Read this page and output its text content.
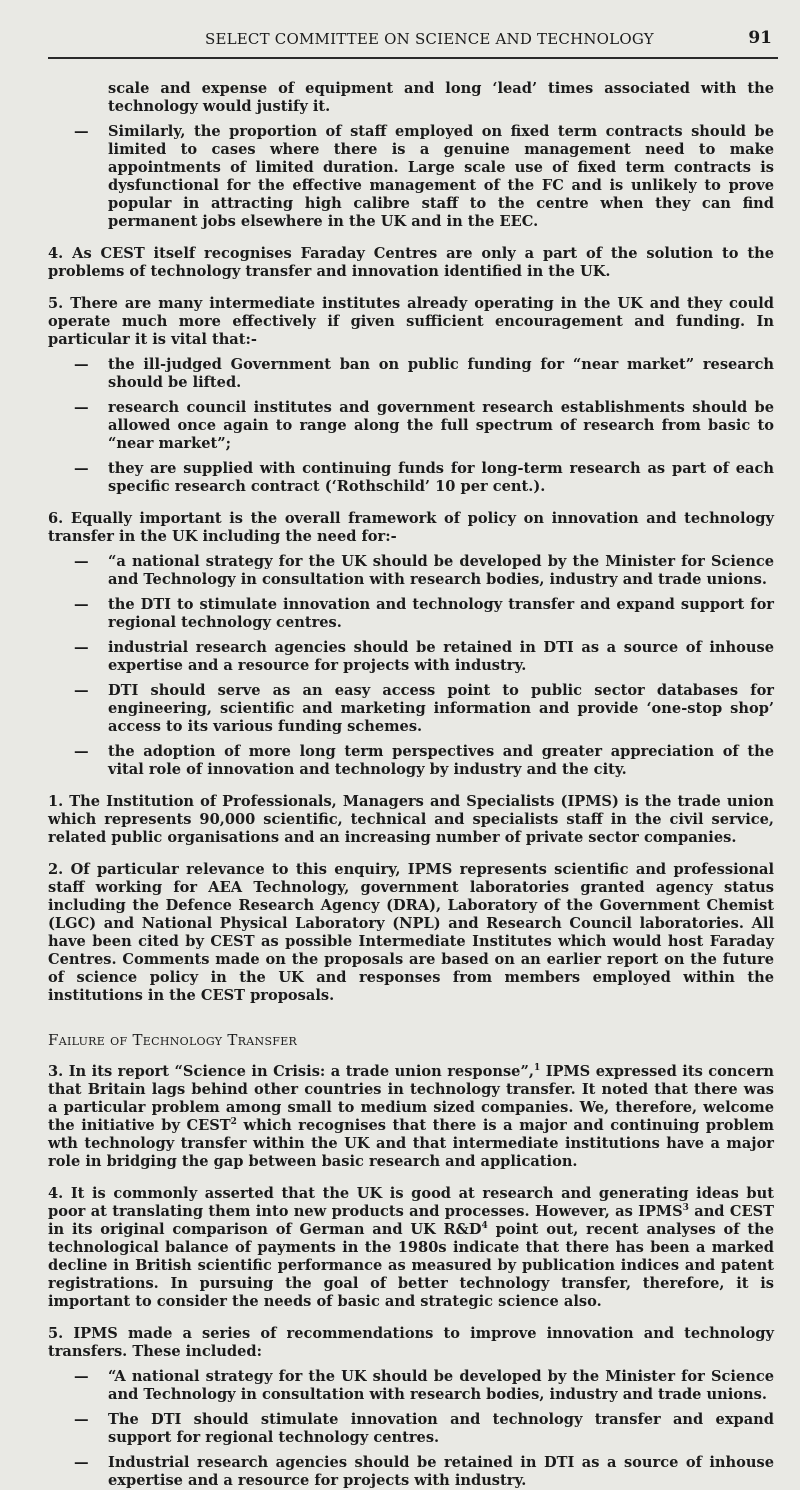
SELECT COMMITTEE ON SCIENCE AND TECHNOLOGY	91

scale and expense of equipment and long ‘lead’ times associated with the technology would justify it.

— Similarly, the proportion of staff employed on fixed term contracts should be limited to cases where there is a genuine management need to make appointments of limited duration. Large scale use of fixed term contracts is dysfunctional for the effective management of the FC and is unlikely to prove popular in attracting high calibre staff to the centre when they can find permanent jobs elsewhere in the UK and in the EEC.

4. As CEST itself recognises Faraday Centres are only a part of the solution to the problems of technology transfer and innovation identified in the UK.

5. There are many intermediate institutes already operating in the UK and they could operate much more effectively if given sufficient encouragement and funding. In particular it is vital that:-

— the ill-judged Government ban on public funding for “near market” research should be lifted.
— research council institutes and government research establishments should be allowed once again to range along the full spectrum of research from basic to “near market”;
— they are supplied with continuing funds for long-term research as part of each specific research contract (‘Rothschild’ 10 per cent.).

6. Equally important is the overall framework of policy on innovation and technology transfer in the UK including the need for:-

— “a national strategy for the UK should be developed by the Minister for Science and Technology in consultation with research bodies, industry and trade unions.
— the DTI to stimulate innovation and technology transfer and expand support for regional technology centres.
— industrial research agencies should be retained in DTI as a source of inhouse expertise and a resource for projects with industry.
— DTI should serve as an easy access point to public sector databases for engineering, scientific and marketing information and provide ‘one-stop shop’ access to its various funding schemes.
— the adoption of more long term perspectives and greater appreciation of the vital role of innovation and technology by industry and the city.

1. The Institution of Professionals, Managers and Specialists (IPMS) is the trade union which represents 90,000 scientific, technical and specialists staff in the civil service, related public organisations and an increasing number of private sector companies.

2. Of particular relevance to this enquiry, IPMS represents scientific and professional staff working for AEA Technology, government laboratories granted agency status including the Defence Research Agency (DRA), Laboratory of the Government Chemist (LGC) and National Physical Laboratory (NPL) and Research Council laboratories. All have been cited by CEST as possible Intermediate Institutes which would host Faraday Centres. Comments made on the proposals are based on an earlier report on the future of science policy in the UK and responses from members employed within the institutions in the CEST proposals.

Failure of Technology Transfer

3. In its report “Science in Crisis: a trade union response”,$^1$ IPMS expressed its concern that Britain lags behind other countries in technology transfer. It noted that there was a particular problem among small to medium sized companies. We, therefore, welcome the initiative by CEST$^2$ which recognises that there is a major and continuing problem wth technology transfer within the UK and that intermediate institutions have a major role in bridging the gap between basic research and application.

4. It is commonly asserted that the UK is good at research and generating ideas but poor at translating them into new products and processes. However, as IPMS$^3$ and CEST in its original comparison of German and UK $R\&D^4$ point out, recent analyses of the technological balance of payments in the 1980s indicate that there has been a marked decline in British scientific performance as measured by publication indices and patent registrations. In pursuing the goal of better technology transfer, therefore, it is important to consider the needs of basic and strategic science also.

5. IPMS made a series of recommendations to improve innovation and technology transfers. These included:

— “A national strategy for the UK should be developed by the Minister for Science and Technology in consultation with research bodies, industry and trade unions.
— The DTI should stimulate innovation and technology transfer and expand support for regional technology centres.
— Industrial research agencies should be retained in DTI as a source of inhouse expertise and a resource for projects with industry.
